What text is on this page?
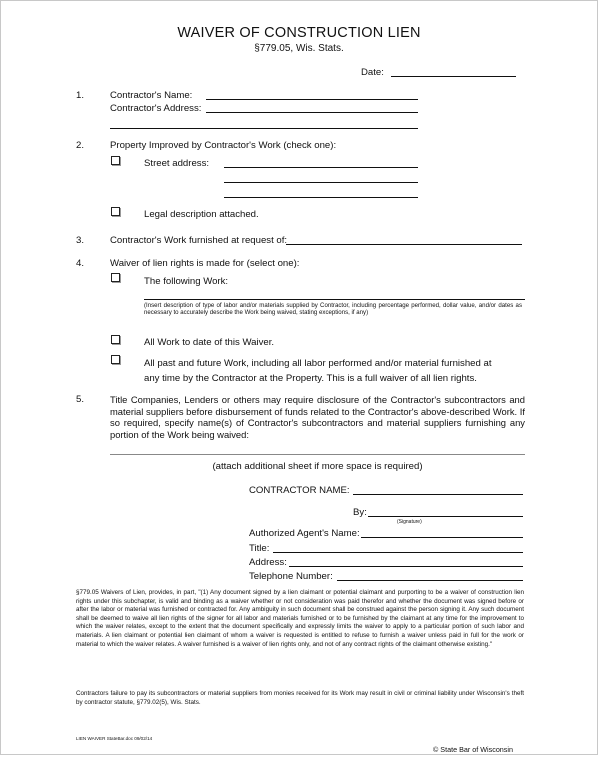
WAIVER OF CONSTRUCTION LIEN
§779.05, Wis. Stats.
Date:
1.	Contractor's Name:
Contractor's Address:
2.	Property Improved by Contractor's Work (check one):
Street address:
Legal description attached.
3.	Contractor's Work furnished at request of:
4.	Waiver of lien rights is made for (select one):
The following Work:
(Insert description of type of labor and/or materials supplied by Contractor, including percentage performed, dollar value, and/or dates as necessary to accurately describe the Work being waived, stating exceptions, if any)
All Work to date of this Waiver.
All past and future Work, including all labor performed and/or material furnished at
any time by the Contractor at the Property. This is a full waiver of all lien rights.
5.	Title Companies, Lenders or others may require disclosure of the Contractor's subcontractors and material suppliers before disbursement of funds related to the Contractor's above-described Work. If so required, specify name(s) of Contractor's subcontractors and material suppliers furnishing any portion of the Work being waived:
(attach additional sheet if more space is required)
CONTRACTOR NAME:
By:
(Signature)
Authorized Agent's Name:
Title:
Address:
Telephone Number:
§779.05 Waivers of Lien, provides, in part, "(1) Any document signed by a lien claimant or potential claimant and purporting to be a waiver of construction lien rights under this subchapter, is valid and binding as a waiver whether or not consideration was paid therefor and whether the document was signed before or after the labor or material was furnished or contracted for. Any ambiguity in such document shall be construed against the person signing it. Any such document shall be deemed to waive all lien rights of the signer for all labor and materials furnished or to be furnished by the claimant at any time for the improvement to which the waiver relates, except to the extent that the document specifically and expressly limits the waiver to apply to a particular portion of such labor and materials. A lien claimant or potential lien claimant of whom a waiver is requested is entitled to refuse to furnish a waiver unless paid in full for the work or material to which the waiver relates. A waiver furnished is a waiver of lien rights only, and not of any contract rights of the claimant otherwise existing."
Contractors failure to pay its subcontractors or material suppliers from monies received for its Work may result in civil or criminal liability under Wisconsin's theft by contractor statute, §779.02(5), Wis. Stats.
LIEN WAIVER StateBar.doc 09/02/14
© State Bar of Wisconsin
